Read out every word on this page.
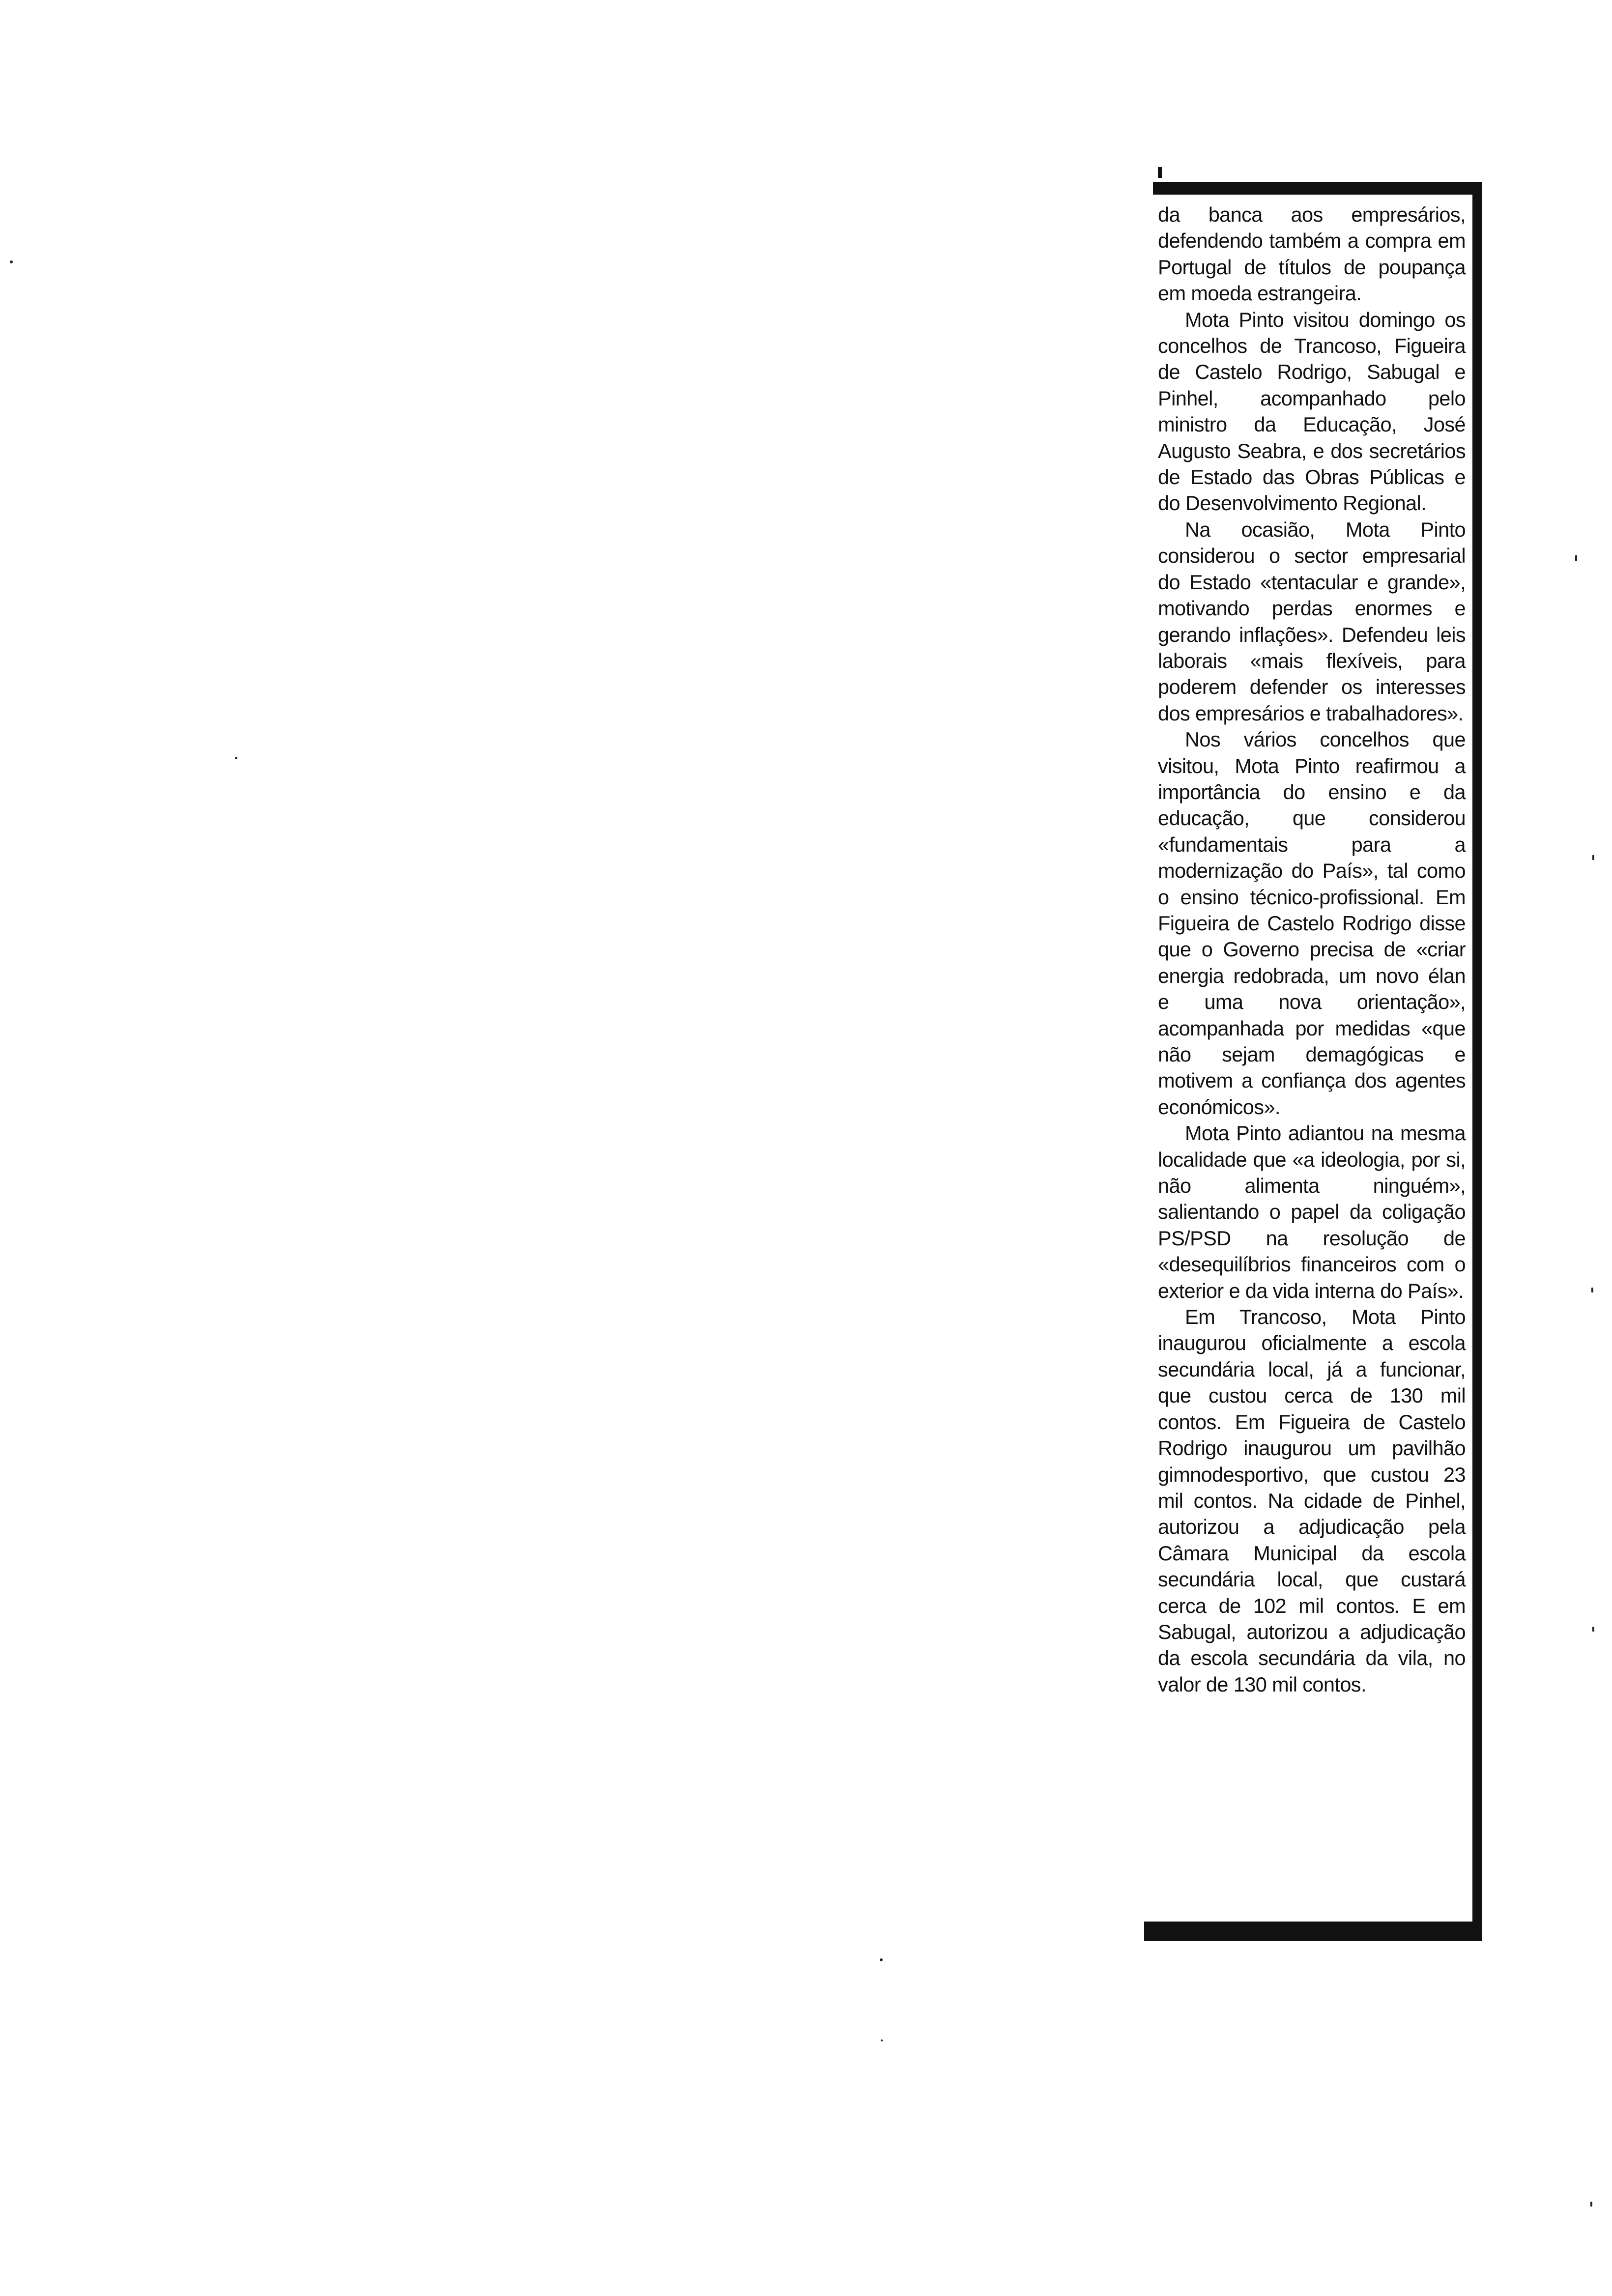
da banca aos empresários, defendendo também a compra em Portugal de títulos de poupança em moeda estrangeira.

Mota Pinto visitou domingo os concelhos de Trancoso, Figueira de Castelo Rodrigo, Sabugal e Pinhel, acompanhado pelo ministro da Educação, José Augusto Seabra, e dos secretários de Estado das Obras Públicas e do Desenvolvimento Regional.

Na ocasião, Mota Pinto considerou o sector empresarial do Estado «tentacular e grande», motivando perdas enormes e gerando inflações». Defendeu leis laborais «mais flexíveis, para poderem defender os interesses dos empresários e trabalhadores».

Nos vários concelhos que visitou, Mota Pinto reafirmou a importância do ensino e da educação, que considerou «fundamentais para a modernização do País», tal como o ensino técnico-profissional. Em Figueira de Castelo Rodrigo disse que o Governo precisa de «criar energia redobrada, um novo élan e uma nova orientação», acompanhada por medidas «que não sejam demagógicas e motivem a confiança dos agentes económicos».

Mota Pinto adiantou na mesma localidade que «a ideologia, por si, não alimenta ninguém», salientando o papel da coligação PS/PSD na resolução de «desequilíbrios financeiros com o exterior e da vida interna do País».

Em Trancoso, Mota Pinto inaugurou oficialmente a escola secundária local, já a funcionar, que custou cerca de 130 mil contos. Em Figueira de Castelo Rodrigo inaugurou um pavilhão gimnodesportivo, que custou 23 mil contos. Na cidade de Pinhel, autorizou a adjudicação pela Câmara Municipal da escola secundária local, que custará cerca de 102 mil contos. E em Sabugal, autorizou a adjudicação da escola secundária da vila, no valor de 130 mil contos.
